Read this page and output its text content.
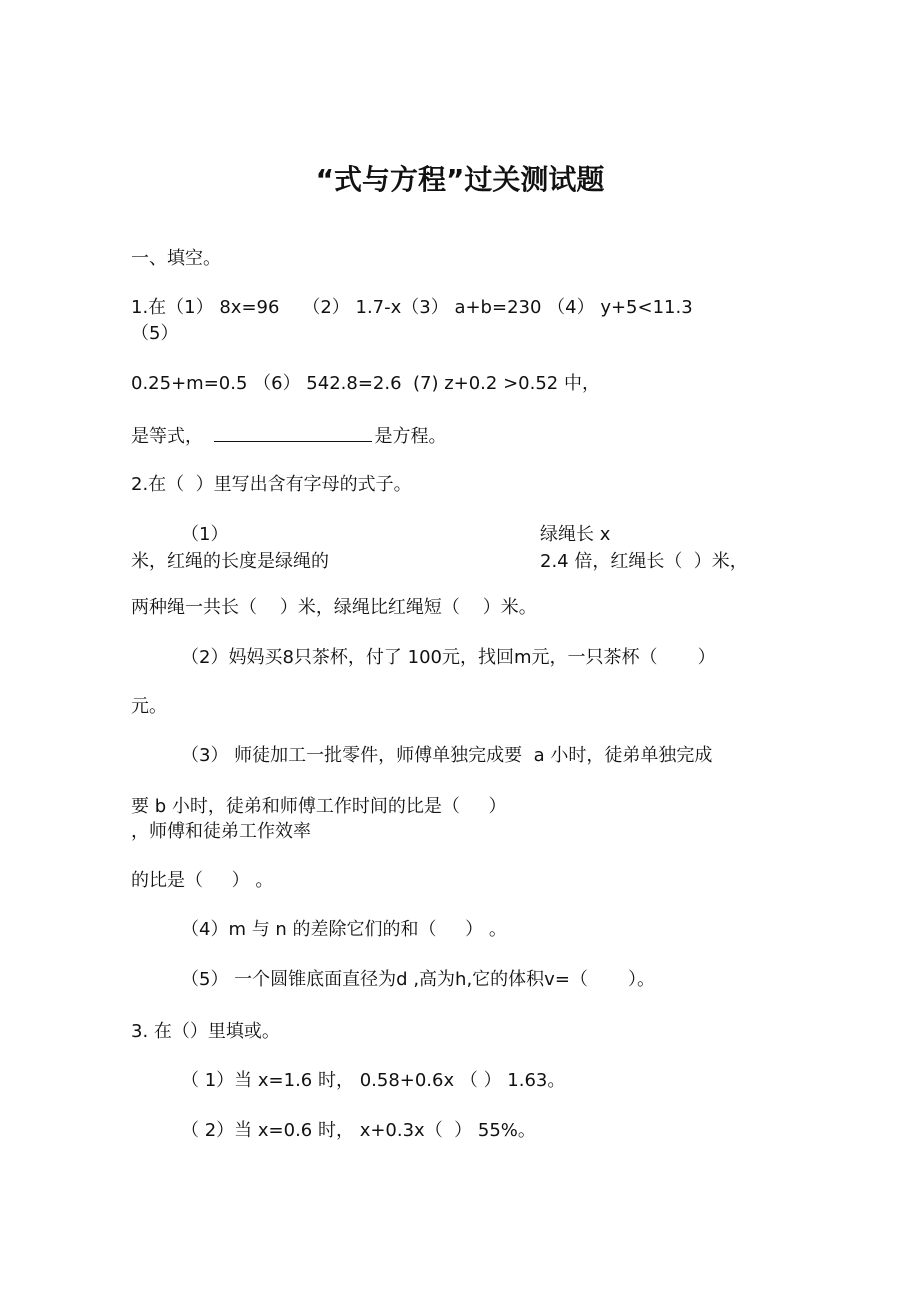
“式与方程”过关测试题
一、填空。
1.在（1） 8x=96    （2） 1.7-x（3） a+b=230 （4） y+5<11.3
（5）
0.25+m=0.5 （6） 542.8=2.6  (7) z+0.2 >0.52 中，
是等式，	是方程。
2.在（  ）里写出含有字母的式子。
（1）	绿绳长 x
米，红绳的长度是绿绳的	2.4 倍，红绳长（  ）米，
两种绳一共长（    ）米，绿绳比红绳短（    ）米。
（2）妈妈买8只茶杯，付了 100元，找回m元，一只茶杯（       ）
元。
（3） 师徒加工一批零件，师傅单独完成要  a 小时，徒弟单独完成
要 b 小时，徒弟和师傅工作时间的比是（     ）
，师傅和徒弟工作效率
的比是（     ） 。
（4）m 与 n 的差除它们的和（     ） 。
（5） 一个圆锥底面直径为d ,高为h,它的体积v=（       ）。
3. 在（）里填或。
（ 1）当 x=1.6 时， 0.58+0.6x （ ） 1.63。
（ 2）当 x=0.6 时， x+0.3x（  ） 55%。
